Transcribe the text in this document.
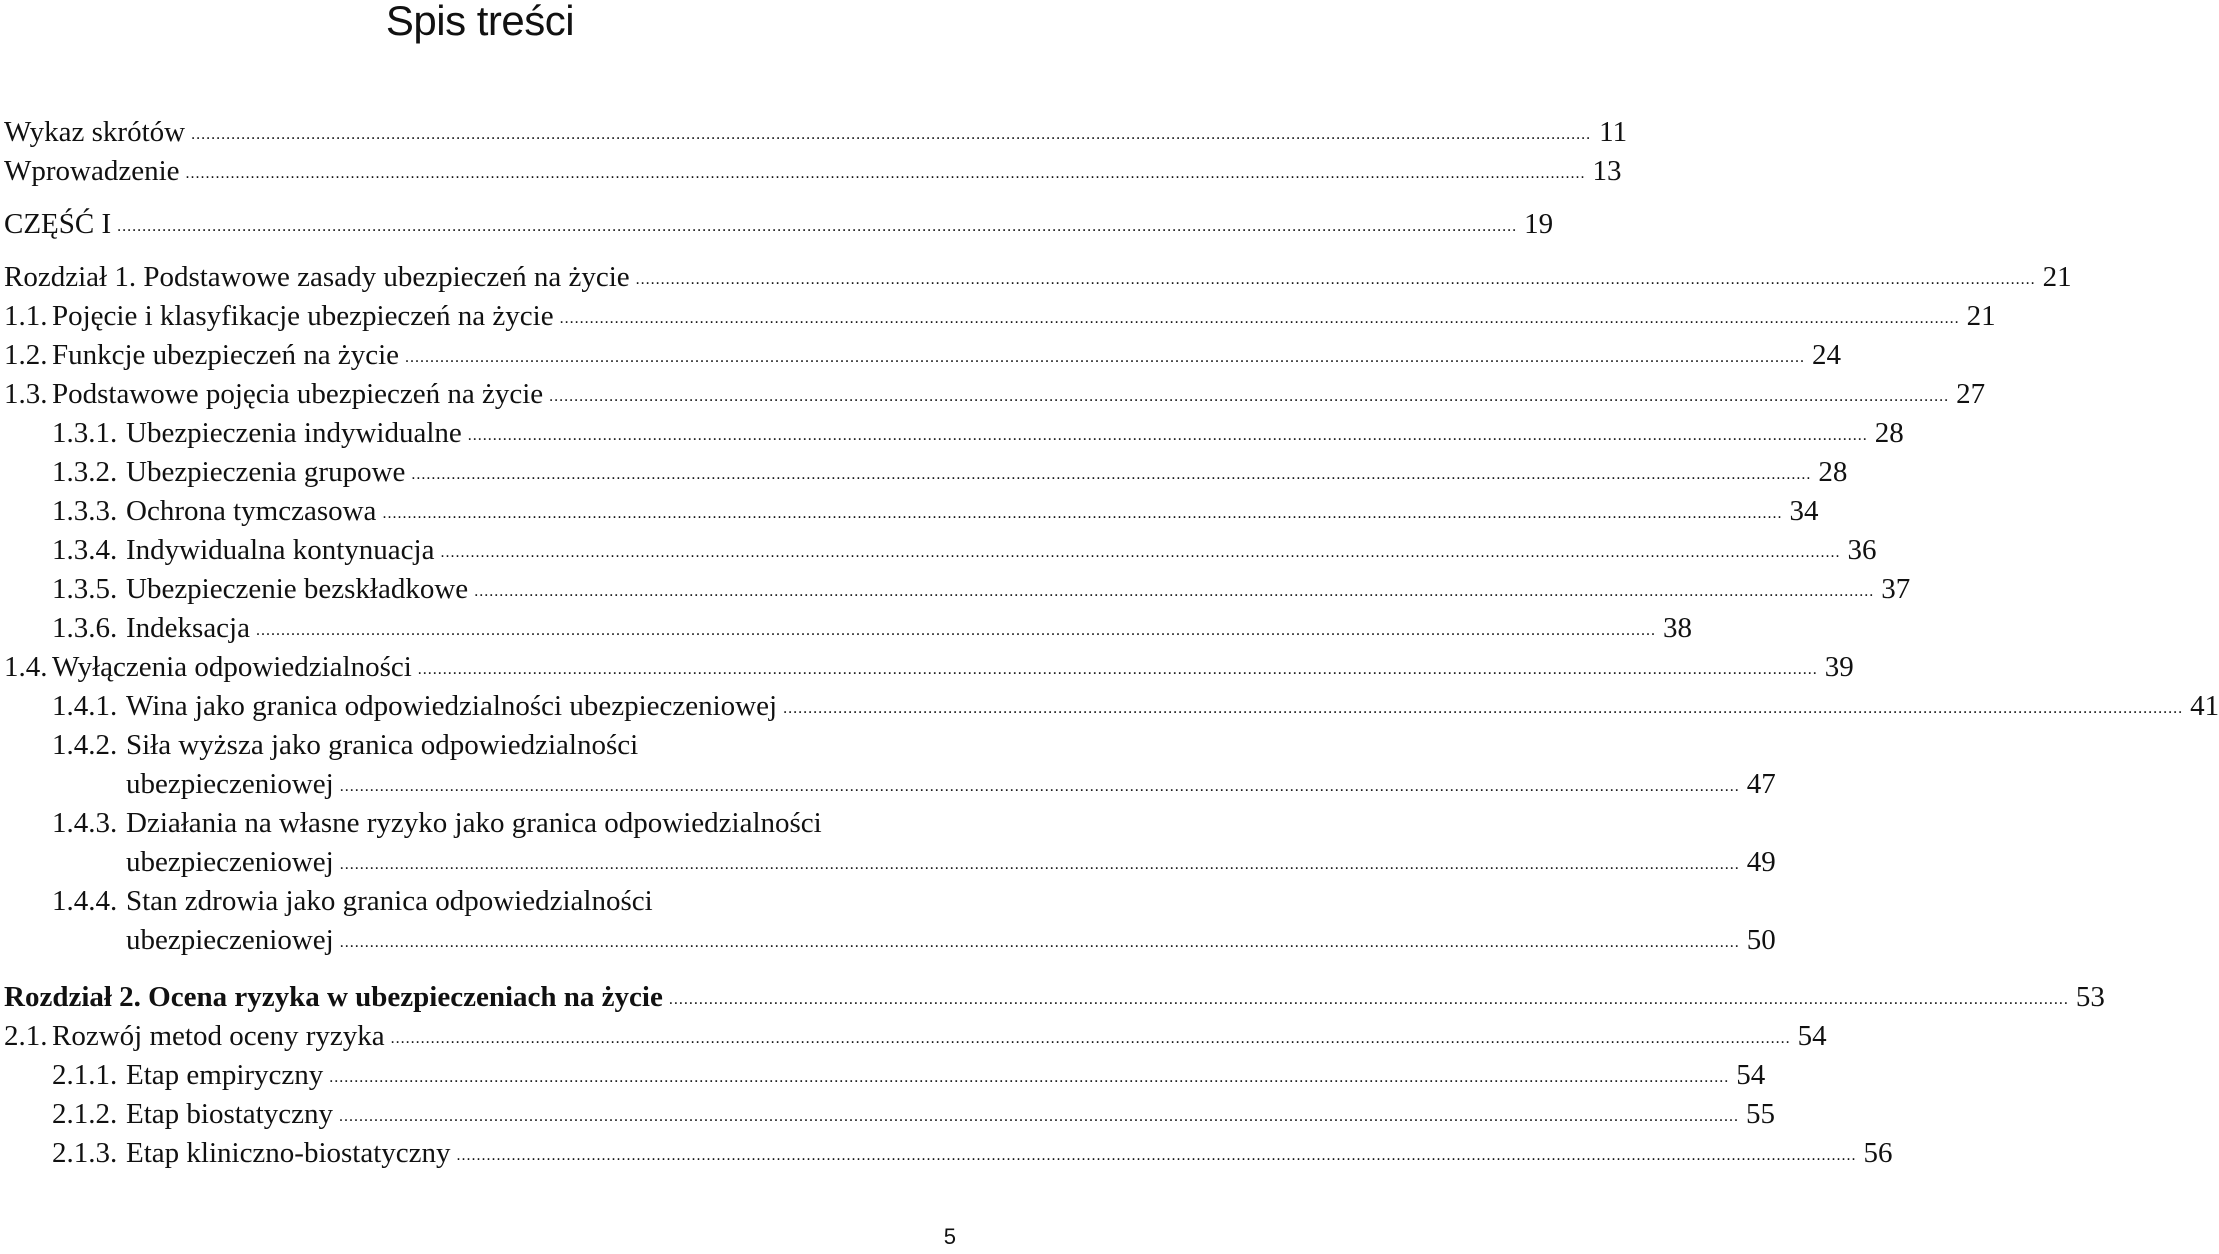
Spis treści
Wykaz skrótów .....	11
Wprowadzenie .....	13
CZĘŚĆ I .....	19
Rozdział 1. Podstawowe zasady ubezpieczeń na życie .....	21
1.1. Pojęcie i klasyfikacje ubezpieczeń na życie .....	21
1.2. Funkcje ubezpieczeń na życie .....	24
1.3. Podstawowe pojęcia ubezpieczeń na życie .....	27
1.3.1. Ubezpieczenia indywidualne .....	28
1.3.2. Ubezpieczenia grupowe .....	28
1.3.3. Ochrona tymczasowa .....	34
1.3.4. Indywidualna kontynuacja .....	36
1.3.5. Ubezpieczenie bezskładkowe .....	37
1.3.6. Indeksacja .....	38
1.4. Wyłączenia odpowiedzialności .....	39
1.4.1. Wina jako granica odpowiedzialności ubezpieczeniowej .....	41
1.4.2. Siła wyższa jako granica odpowiedzialności
ubezpieczeniowej .....	47
1.4.3. Działania na własne ryzyko jako granica odpowiedzialności
ubezpieczeniowej .....	49
1.4.4. Stan zdrowia jako granica odpowiedzialności
ubezpieczeniowej .....	50
Rozdział 2. Ocena ryzyka w ubezpieczeniach na życie .....	53
2.1. Rozwój metod oceny ryzyka .....	54
2.1.1. Etap empiryczny .....	54
2.1.2. Etap biostatyczny .....	55
2.1.3. Etap kliniczno-biostatyczny .....	56
5
